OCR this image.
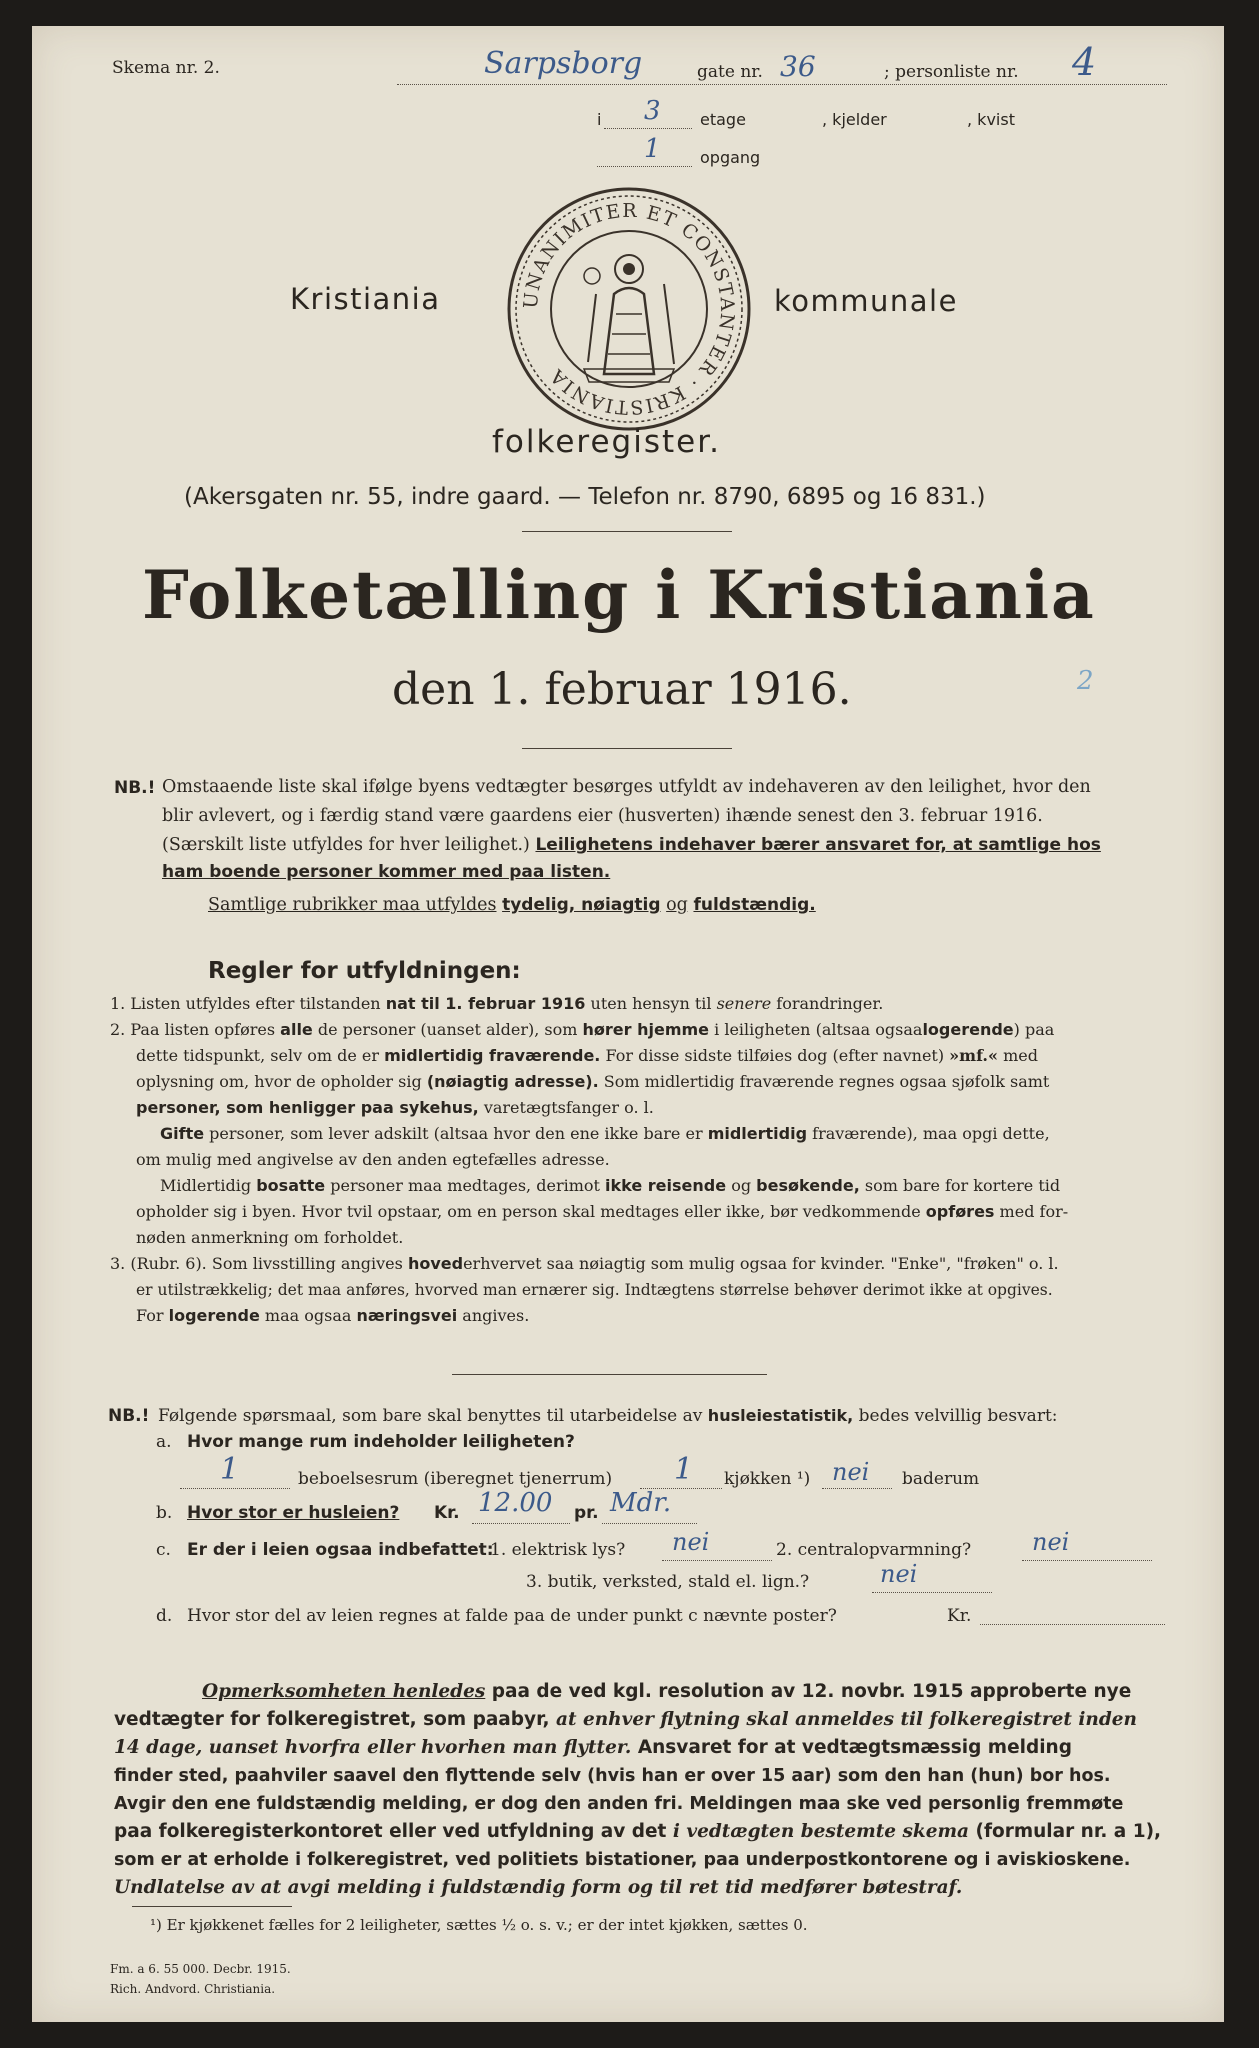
Skema nr. 2.	Sarpsborg	gate nr. 36	; personliste nr. 4
i 3 etage	, kjelder	, kvist
1 opgang
Kristiania	kommunale
UNANIMITER ET CONSTANTER · KRISTIANIA
folkeregister.
(Akersgaten nr. 55, indre gaard. — Telefon nr. 8790, 6895 og 16 831.)
Folketælling i Kristiania
den 1. februar 1916.	2
NB.! Omstaaende liste skal ifølge byens vedtægter besørges utfyldt av indehaveren av den leilighet, hvor den
blir avlevert, og i færdig stand være gaardens eier (husverten) ihænde senest den 3. februar 1916.
(Særskilt liste utfyldes for hver leilighet.) Leilighetens indehaver bærer ansvaret for, at samtlige hos
ham boende personer kommer med paa listen.
Samtlige rubrikker maa utfyldes tydelig, nøiagtig og fuldstændig.
Regler for utfyldningen:
1. Listen utfyldes efter tilstanden nat til 1. februar 1916 uten hensyn til senere forandringer.
2. Paa listen opføres alle de personer (uanset alder), som hører hjemme i leiligheten (altsaa ogsaalogerende) paa
dette tidspunkt, selv om de er midlertidig fraværende. For disse sidste tilføies dog (efter navnet) »mf.« med
oplysning om, hvor de opholder sig (nøiagtig adresse). Som midlertidig fraværende regnes ogsaa sjøfolk samt
personer, som henligger paa sykehus, varetægtsfanger o. l.
Gifte personer, som lever adskilt (altsaa hvor den ene ikke bare er midlertidig fraværende), maa opgi dette,
om mulig med angivelse av den anden egtefælles adresse.
Midlertidig bosatte personer maa medtages, derimot ikke reisende og besøkende, som bare for kortere tid
opholder sig i byen. Hvor tvil opstaar, om en person skal medtages eller ikke, bør vedkommende opføres med for-
nøden anmerkning om forholdet.
3. (Rubr. 6). Som livsstilling angives hovederhvervet saa nøiagtig som mulig ogsaa for kvinder. "Enke", "frøken" o. l.
er utilstrækkelig; det maa anføres, hvorved man ernærer sig. Indtægtens størrelse behøver derimot ikke at opgives.
For logerende maa ogsaa næringsvei angives.
NB.! Følgende spørsmaal, som bare skal benyttes til utarbeidelse av husleiestatistik, bedes velvillig besvart:
a. Hvor mange rum indeholder leiligheten?
1	beboelsesrum (iberegnet tjenerrum) 1 kjøkken ¹) nei baderum
b. Hvor stor er husleien? Kr. 12.00 pr. Mdr.
c. Er der i leien ogsaa indbefattet:
1. elektrisk lys? nei	2. centralopvarmning?	nei
3. butik, verksted, stald el. lign.?	nei
d. Hvor stor del av leien regnes at falde paa de under punkt c nævnte poster?	Kr.
Opmerksomheten henledes paa de ved kgl. resolution av 12. novbr. 1915 approberte nye
vedtægter for folkeregistret, som paabyr, at enhver flytning skal anmeldes til folkeregistret inden
14 dage, uanset hvorfra eller hvorhen man flytter. Ansvaret for at vedtægtsmæssig melding
finder sted, paahviler saavel den flyttende selv (hvis han er over 15 aar) som den han (hun) bor hos.
Avgir den ene fuldstændig melding, er dog den anden fri. Meldingen maa ske ved personlig fremmøte
paa folkeregisterkontoret eller ved utfyldning av det i vedtægten bestemte skema (formular nr. a 1),
som er at erholde i folkeregistret, ved politiets bistationer, paa underpostkontorene og i aviskioskene.
Undlatelse av at avgi melding i fuldstændig form og til ret tid medfører bøtestraf.
¹) Er kjøkkenet fælles for 2 leiligheter, sættes ½ o. s. v.; er der intet kjøkken, sættes 0.
Fm. a 6. 55 000. Decbr. 1915.
Rich. Andvord. Christiania.
